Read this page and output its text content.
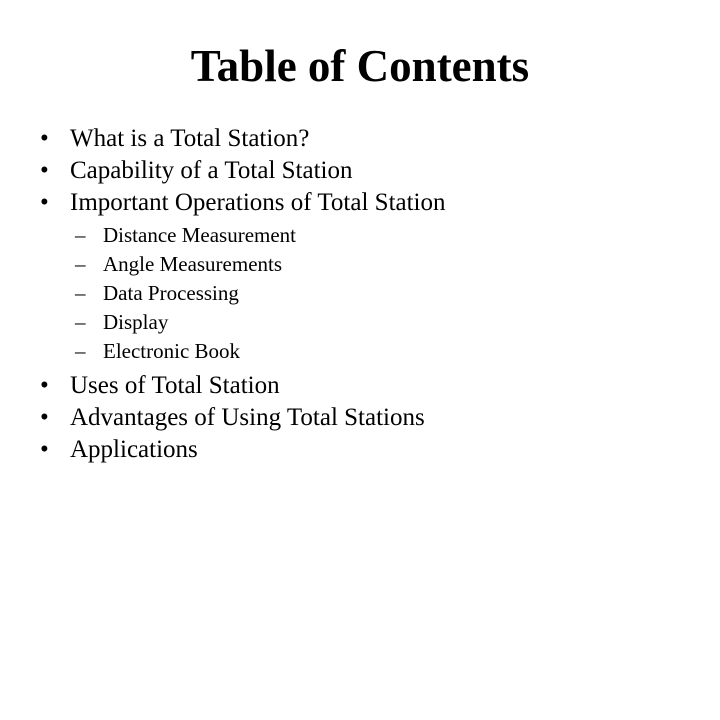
Table of Contents
• What is a Total Station?
• Capability of a Total Station
• Important Operations of Total Station
– Distance Measurement
– Angle Measurements
– Data Processing
– Display
– Electronic Book
• Uses of Total Station
• Advantages of Using Total Stations
• Applications
